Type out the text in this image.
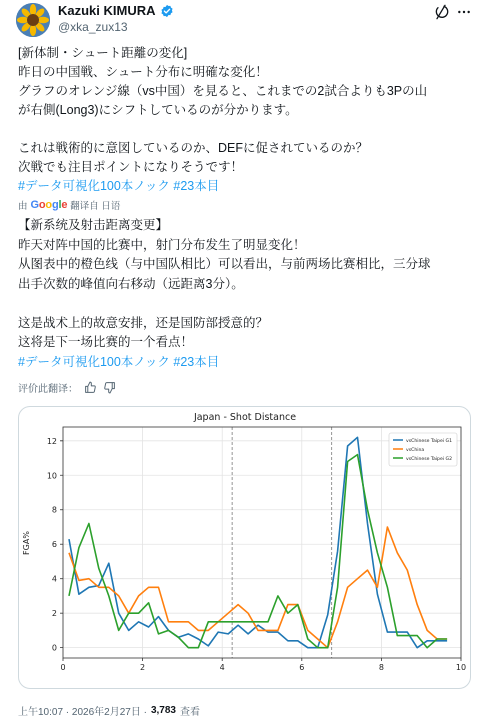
Kazuki KIMURA
@xka_zux13
[新体制・シュート距離の変化]
昨日の中国戦、シュート分布に明確な変化！
グラフのオレンジ線（vs中国）を見ると、これまでの2試合よりも3Pの山
が右側(Long3)にシフトしているのが分かります。
これは戦術的に意図しているのか、DEFに促されているのか？
次戦でも注目ポイントになりそうです！
#データ可視化100本ノック #23本目
由 Google 翻译自 日语
【新系统及射击距离变更】
昨天对阵中国的比赛中，射门分布发生了明显变化！
从图表中的橙色线（与中国队相比）可以看出，与前两场比赛相比，三分球
出手次数的峰值向右移动（远距离3分）。
这是战术上的故意安排，还是国防部授意的？
这将是下一场比赛的一个看点！
#データ可視化100本ノック #23本目
评价此翻译：
Japan - Shot Distance
FGA%
0	2	4	6	8	10
0
2
4
6
8
10
12	vsChinese Taipei G1
vsChina
vsChinese Taipei G2
上午10:07 · 2026年2月27日 · 3,783 查看
